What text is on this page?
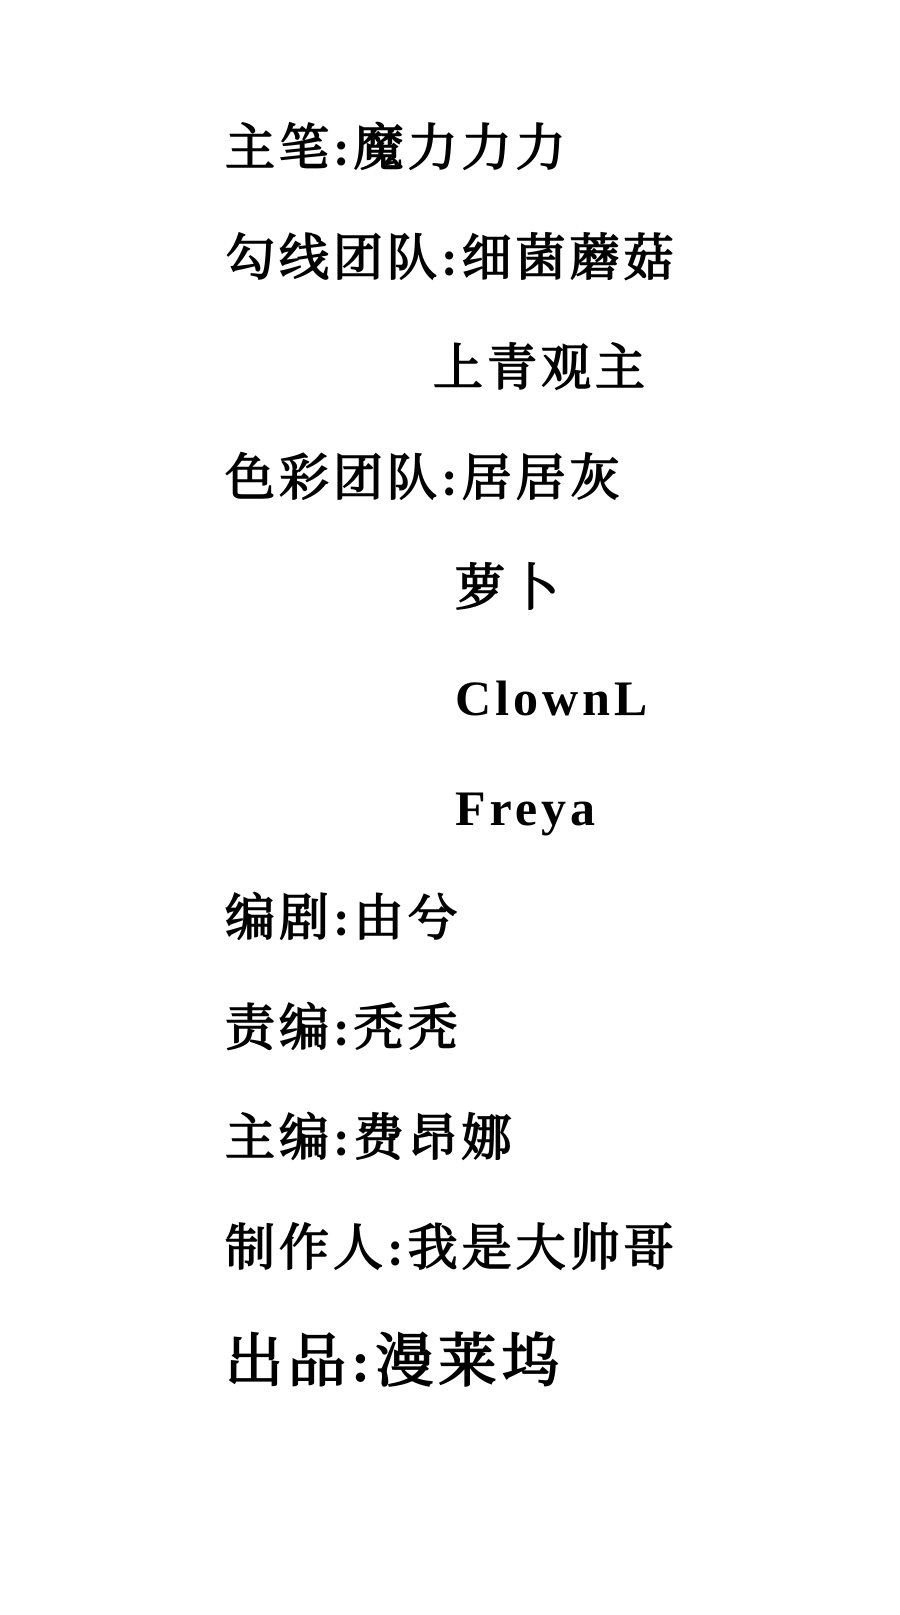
主笔:魔力力力
勾线团队:细菌蘑菇
上青观主
色彩团队:居居灰
萝卜
ClownL
Freya
编剧:由兮
责编:秃秃
主编:费昂娜
制作人:我是大帅哥
出品:漫莱坞
